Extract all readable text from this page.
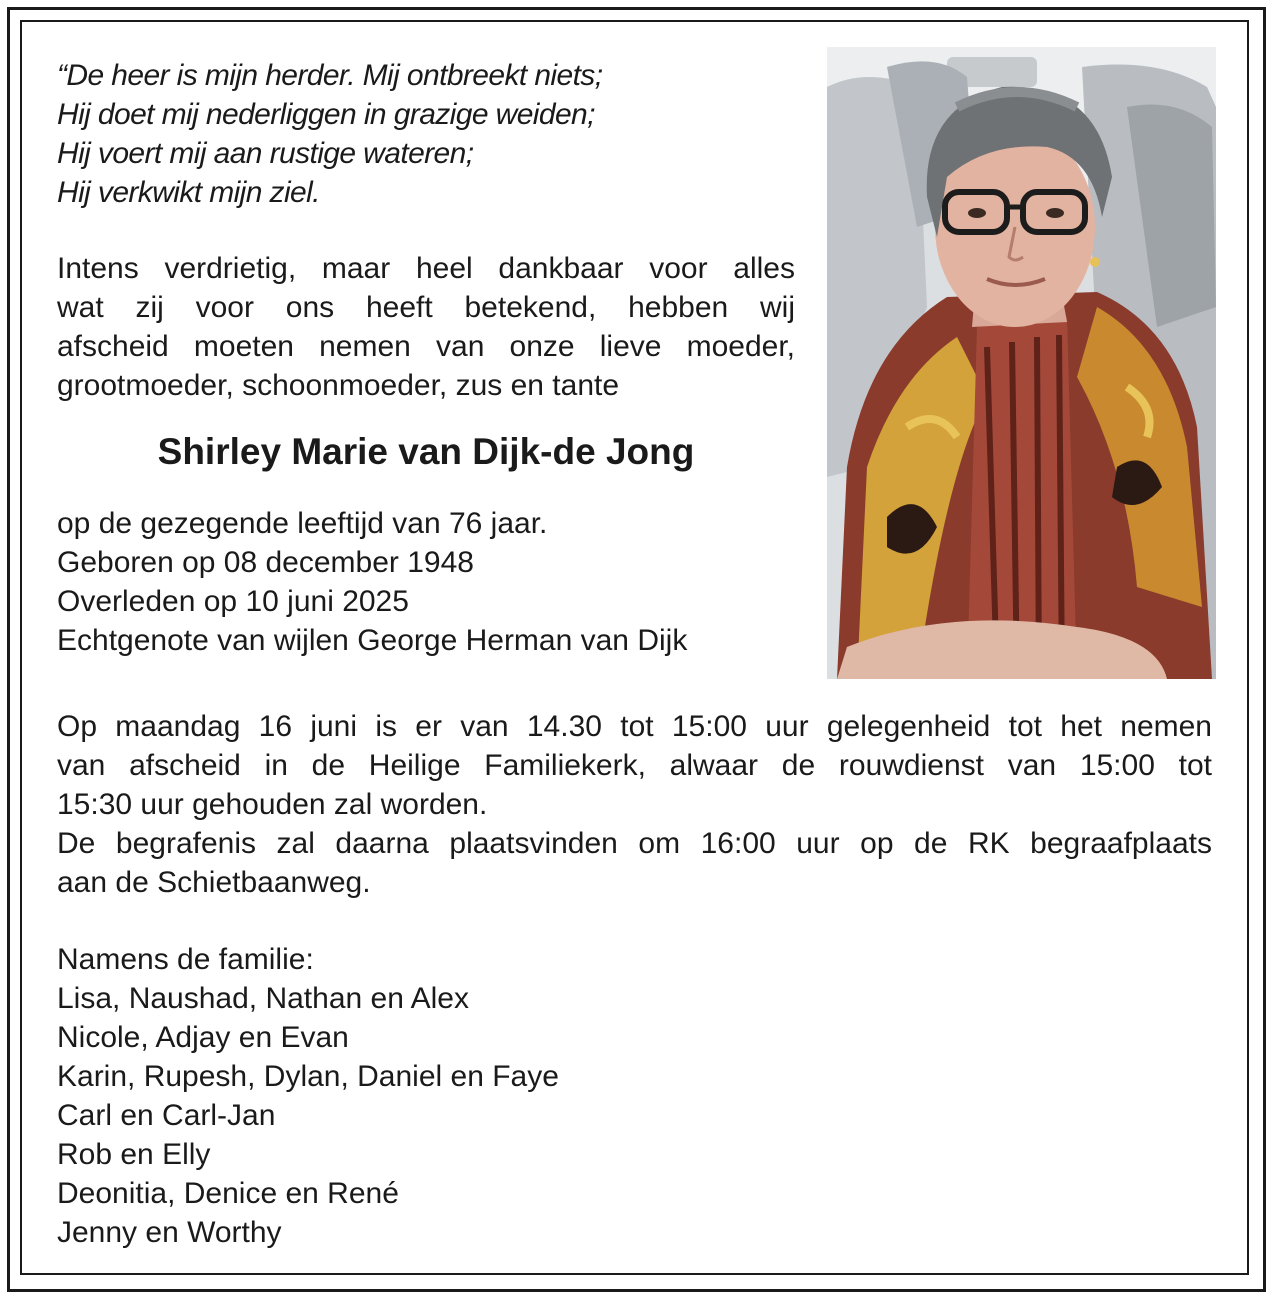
“De heer is mijn herder. Mij ontbreekt niets;
Hij doet mij nederliggen in grazige weiden;
Hij voert mij aan rustige wateren;
Hij verkwikt mijn ziel.
Intens verdrietig, maar heel dankbaar voor alles
wat zij voor ons heeft betekend, hebben wij
afscheid moeten nemen van onze lieve moeder,
grootmoeder, schoonmoeder, zus en tante
Shirley Marie van Dijk-de Jong
op de gezegende leeftijd van 76 jaar.
Geboren op 08 december 1948
Overleden op 10 juni 2025
Echtgenote van wijlen George Herman van Dijk
Op maandag 16 juni is er van 14.30 tot 15:00 uur gelegenheid tot het nemen
van afscheid in de Heilige Familiekerk, alwaar de rouwdienst van 15:00 tot
15:30 uur gehouden zal worden.
De begrafenis zal daarna plaatsvinden om 16:00 uur op de RK begraafplaats
aan de Schietbaanweg.
Namens de familie:
Lisa, Naushad, Nathan en Alex
Nicole, Adjay en Evan
Karin, Rupesh, Dylan, Daniel en Faye
Carl en Carl-Jan
Rob en Elly
Deonitia, Denice en René
Jenny en Worthy
